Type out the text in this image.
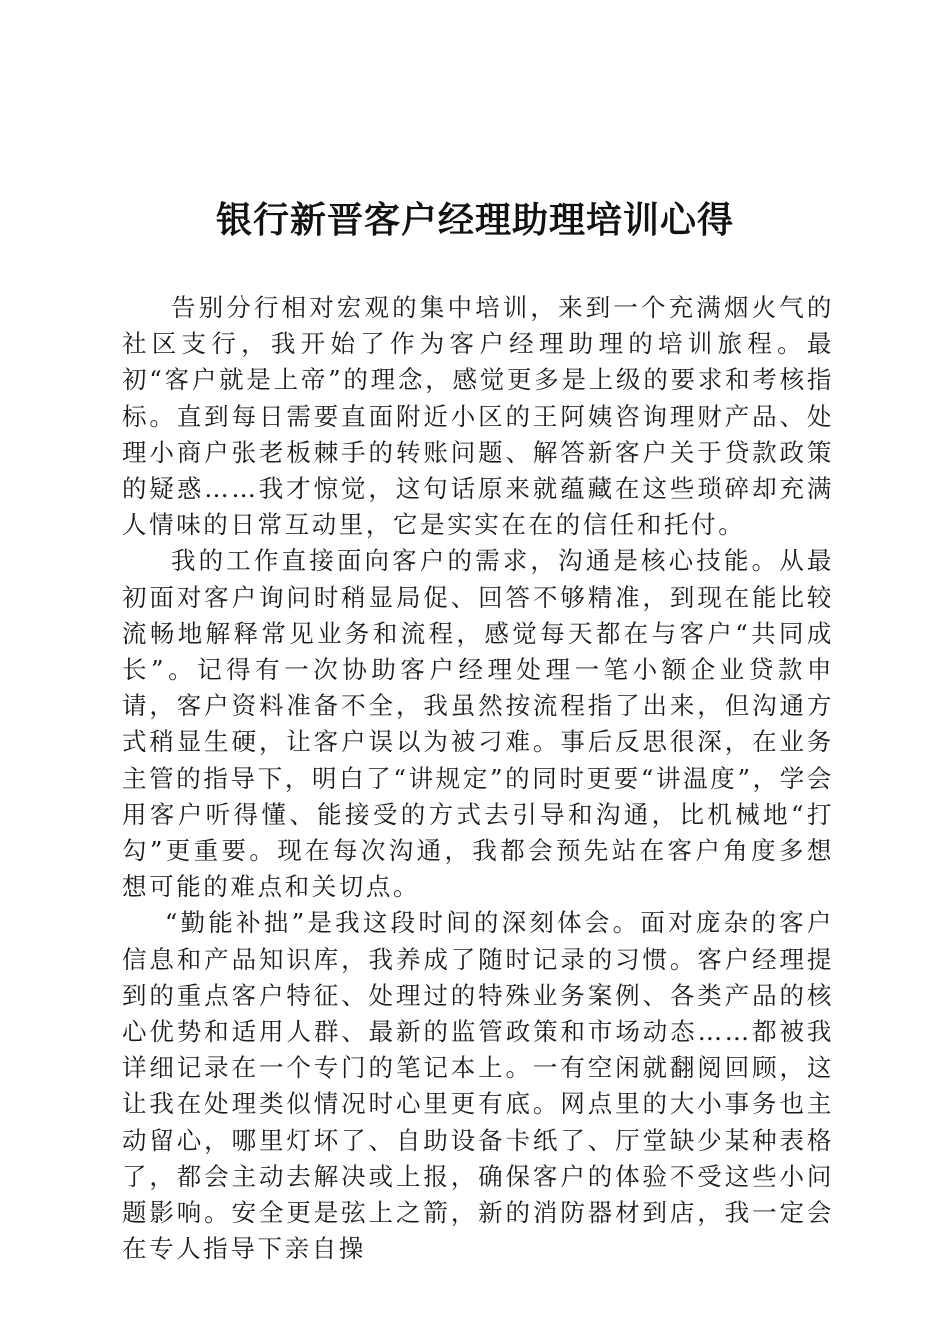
银行新晋客户经理助理培训心得

告别分行相对宏观的集中培训，来到一个充满烟火气的社区支行，我开始了作为客户经理助理的培训旅程。最初“客户就是上帝”的理念，感觉更多是上级的要求和考核指标。直到每日需要直面附近小区的王阿姨咨询理财产品、处理小商户张老板棘手的转账问题、解答新客户关于贷款政策的疑惑……我才惊觉，这句话原来就蕴藏在这些琐碎却充满人情味的日常互动里，它是实实在在的信任和托付。

我的工作直接面向客户的需求，沟通是核心技能。从最初面对客户询问时稍显局促、回答不够精准，到现在能比较流畅地解释常见业务和流程，感觉每天都在与客户“共同成长”。记得有一次协助客户经理处理一笔小额企业贷款申请，客户资料准备不全，我虽然按流程指了出来，但沟通方式稍显生硬，让客户误以为被刁难。事后反思很深，在业务主管的指导下，明白了“讲规定”的同时更要“讲温度”，学会用客户听得懂、能接受的方式去引导和沟通，比机械地“打勾”更重要。现在每次沟通，我都会预先站在客户角度多想想可能的难点和关切点。

“勤能补拙”是我这段时间的深刻体会。面对庞杂的客户信息和产品知识库，我养成了随时记录的习惯。客户经理提到的重点客户特征、处理过的特殊业务案例、各类产品的核心优势和适用人群、最新的监管政策和市场动态……都被我详细记录在一个专门的笔记本上。一有空闲就翻阅回顾，这让我在处理类似情况时心里更有底。网点里的大小事务也主动留心，哪里灯坏了、自助设备卡纸了、厅堂缺少某种表格了，都会主动去解决或上报，确保客户的体验不受这些小问题影响。安全更是弦上之箭，新的消防器材到店，我一定会在专人指导下亲自操
